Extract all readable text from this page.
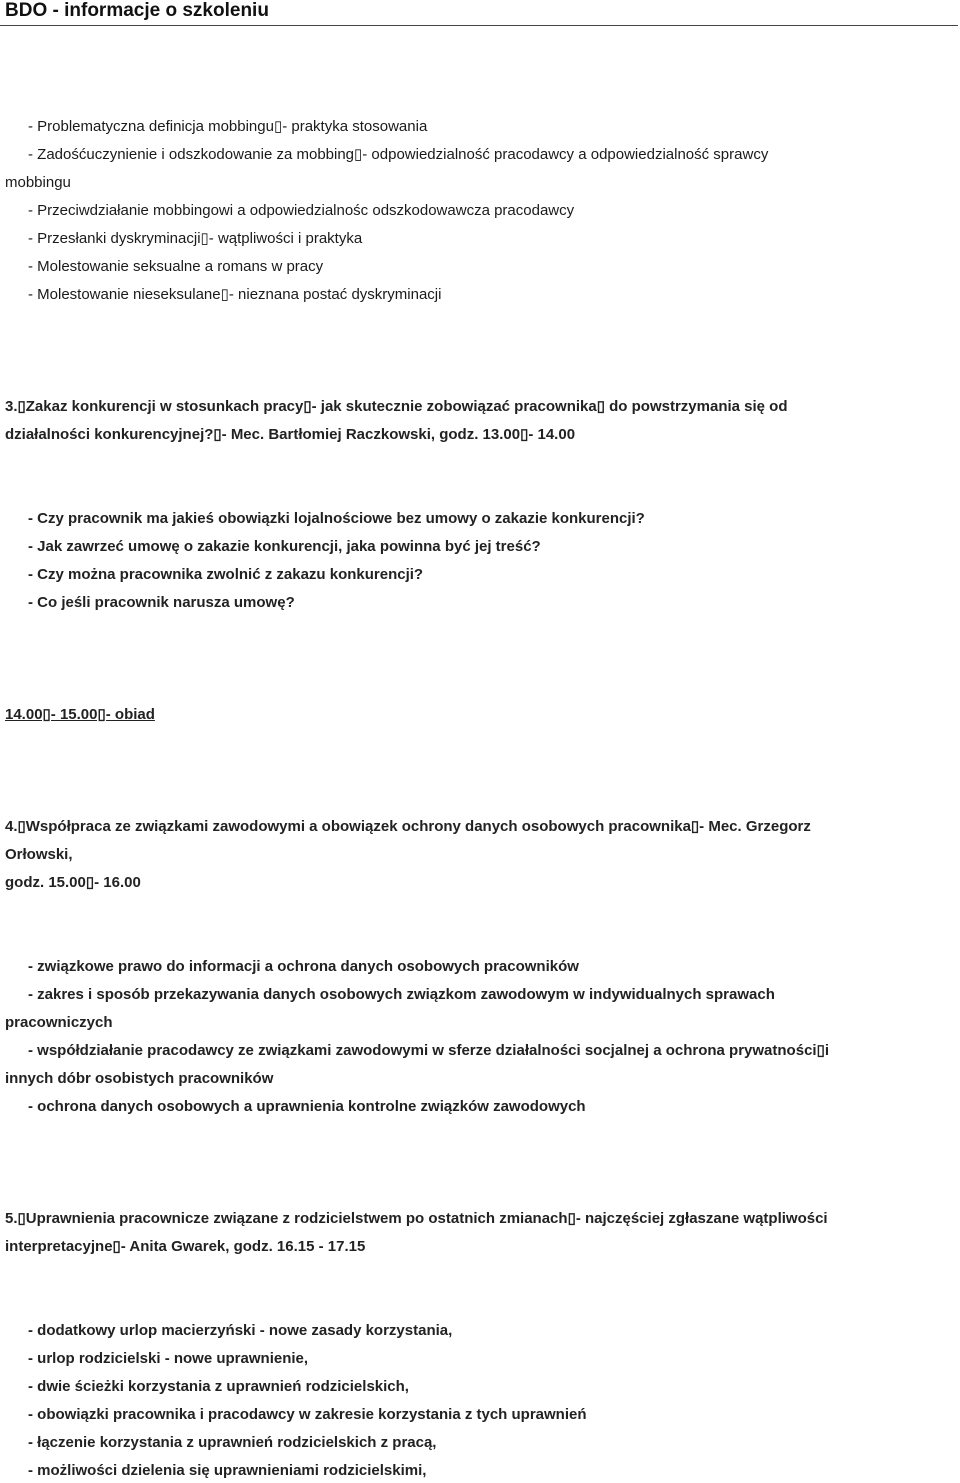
BDO - informacje o szkoleniu
- Problematyczna definicja mobbingu▯- praktyka stosowania
- Zadośćuczynienie i odszkodowanie za mobbing▯- odpowiedzialność pracodawcy a odpowiedzialność sprawcy
mobbingu
- Przeciwdziałanie mobbingowi a odpowiedzialnośc odszkodowawcza pracodawcy
- Przesłanki dyskryminacji▯- wątpliwości i praktyka
- Molestowanie seksualne a romans w pracy
- Molestowanie nieseksulane▯- nieznana postać dyskryminacji
3.▯Zakaz konkurencji w stosunkach pracy▯- jak skutecznie zobowiązać pracownika▯ do powstrzymania się od
działalności konkurencyjnej?▯- Mec. Bartłomiej Raczkowski, godz. 13.00▯- 14.00
- Czy pracownik ma jakieś obowiązki lojalnościowe bez umowy o zakazie konkurencji?
- Jak zawrzeć umowę o zakazie konkurencji, jaka powinna być jej treść?
- Czy można pracownika zwolnić z zakazu konkurencji?
- Co jeśli pracownik narusza umowę?
14.00▯- 15.00▯- obiad
4.▯Współpraca ze związkami zawodowymi a obowiązek ochrony danych osobowych pracownika▯- Mec. Grzegorz
Orłowski,
godz. 15.00▯- 16.00
- związkowe prawo do informacji a ochrona danych osobowych pracowników
- zakres i sposób przekazywania danych osobowych związkom zawodowym w indywidualnych sprawach
pracowniczych
- współdziałanie pracodawcy ze związkami zawodowymi w sferze działalności socjalnej a ochrona prywatności▯i
innych dóbr osobistych pracowników
- ochrona danych osobowych a uprawnienia kontrolne związków zawodowych
5.▯Uprawnienia pracownicze związane z rodzicielstwem po ostatnich zmianach▯- najczęściej zgłaszane wątpliwości
interpretacyjne▯- Anita Gwarek, godz. 16.15 - 17.15
- dodatkowy urlop macierzyński - nowe zasady korzystania,
- urlop rodzicielski - nowe uprawnienie,
- dwie ścieżki korzystania z uprawnień rodzicielskich,
- obowiązki pracownika i pracodawcy w zakresie korzystania z tych uprawnień
- łączenie korzystania z uprawnień rodzicielskich z pracą,
- możliwości dzielenia się uprawnieniami rodzicielskimi,
